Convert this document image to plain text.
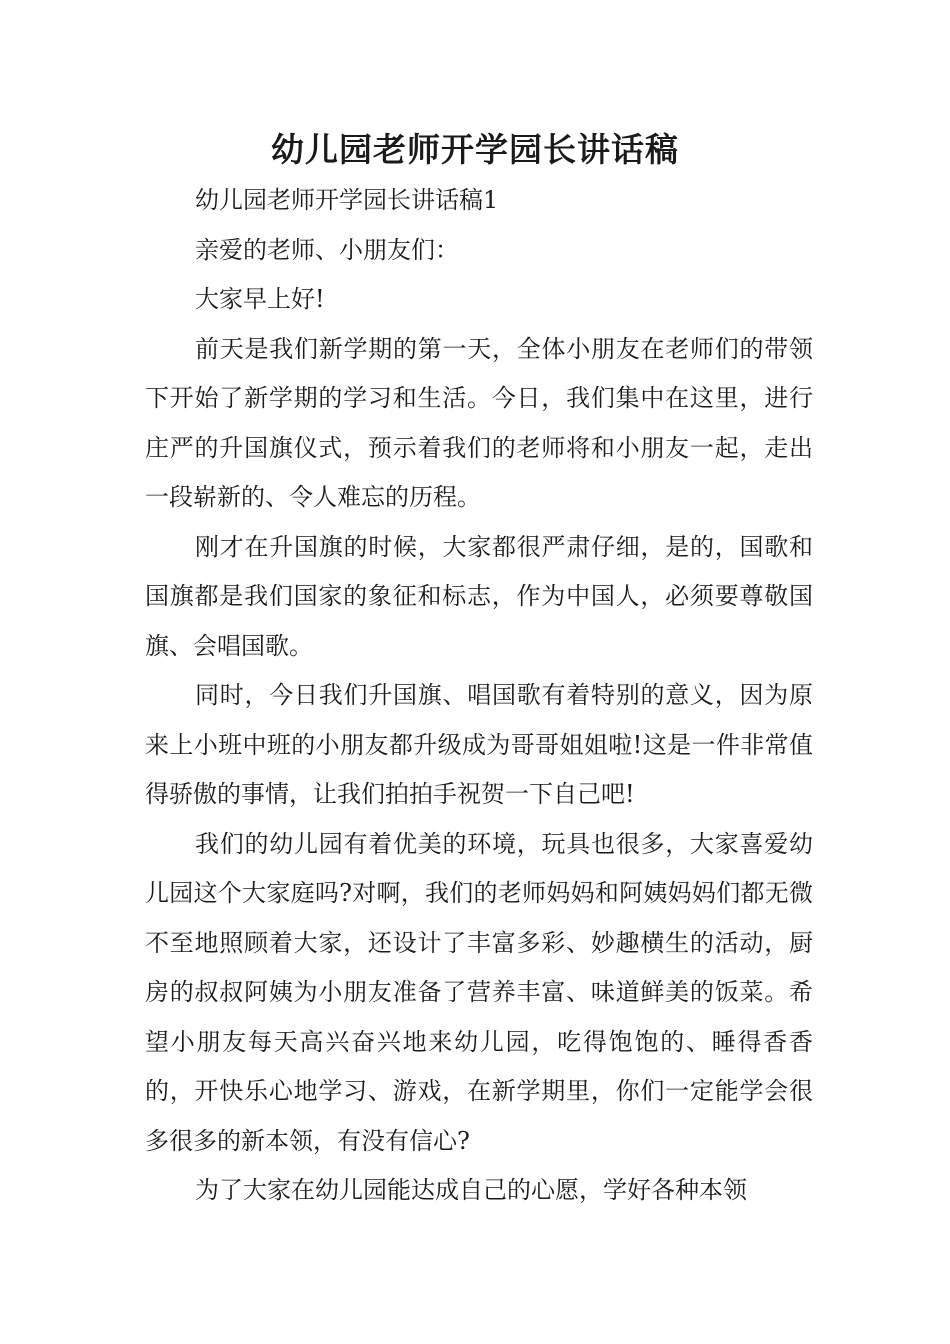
幼儿园老师开学园长讲话稿

幼儿园老师开学园长讲话稿1

亲爱的老师、小朋友们：

大家早上好!

前天是我们新学期的第一天，全体小朋友在老师们的带领下开始了新学期的学习和生活。今日，我们集中在这里，进行庄严的升国旗仪式，预示着我们的老师将和小朋友一起，走出一段崭新的、令人难忘的历程。

刚才在升国旗的时候，大家都很严肃仔细，是的，国歌和国旗都是我们国家的象征和标志，作为中国人，必须要尊敬国旗、会唱国歌。

同时，今日我们升国旗、唱国歌有着特别的意义，因为原来上小班中班的小朋友都升级成为哥哥姐姐啦!这是一件非常值得骄傲的事情，让我们拍拍手祝贺一下自己吧!

我们的幼儿园有着优美的环境，玩具也很多，大家喜爱幼儿园这个大家庭吗?对啊，我们的老师妈妈和阿姨妈妈们都无微不至地照顾着大家，还设计了丰富多彩、妙趣横生的活动，厨房的叔叔阿姨为小朋友准备了营养丰富、味道鲜美的饭菜。希望小朋友每天高兴奋兴地来幼儿园，吃得饱饱的、睡得香香的，开快乐心地学习、游戏，在新学期里，你们一定能学会很多很多的新本领，有没有信心?

为了大家在幼儿园能达成自己的心愿，学好各种本领
